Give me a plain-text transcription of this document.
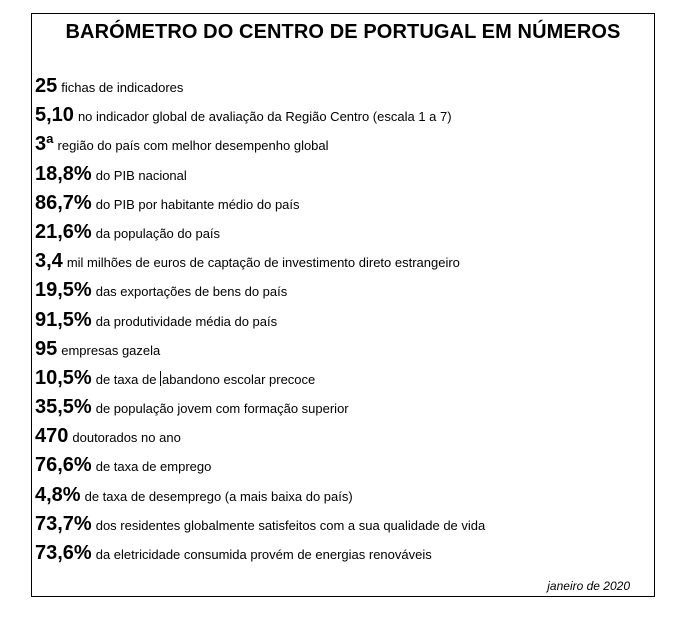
BARÓMETRO DO CENTRO DE PORTUGAL EM NÚMEROS
25 fichas de indicadores
5,10 no indicador global de avaliação da Região Centro (escala 1 a 7)
3ª região do país com melhor desempenho global
18,8% do PIB nacional
86,7% do PIB por habitante médio do país
21,6% da população do país
3,4 mil milhões de euros de captação de investimento direto estrangeiro
19,5% das exportações de bens do país
91,5% da produtividade média do país
95 empresas gazela
10,5% de taxa de abandono escolar precoce
35,5% de população jovem com formação superior
470 doutorados no ano
76,6% de taxa de emprego
4,8% de taxa de desemprego (a mais baixa do país)
73,7% dos residentes globalmente satisfeitos com a sua qualidade de vida
73,6% da eletricidade consumida provém de energias renováveis
janeiro de 2020
